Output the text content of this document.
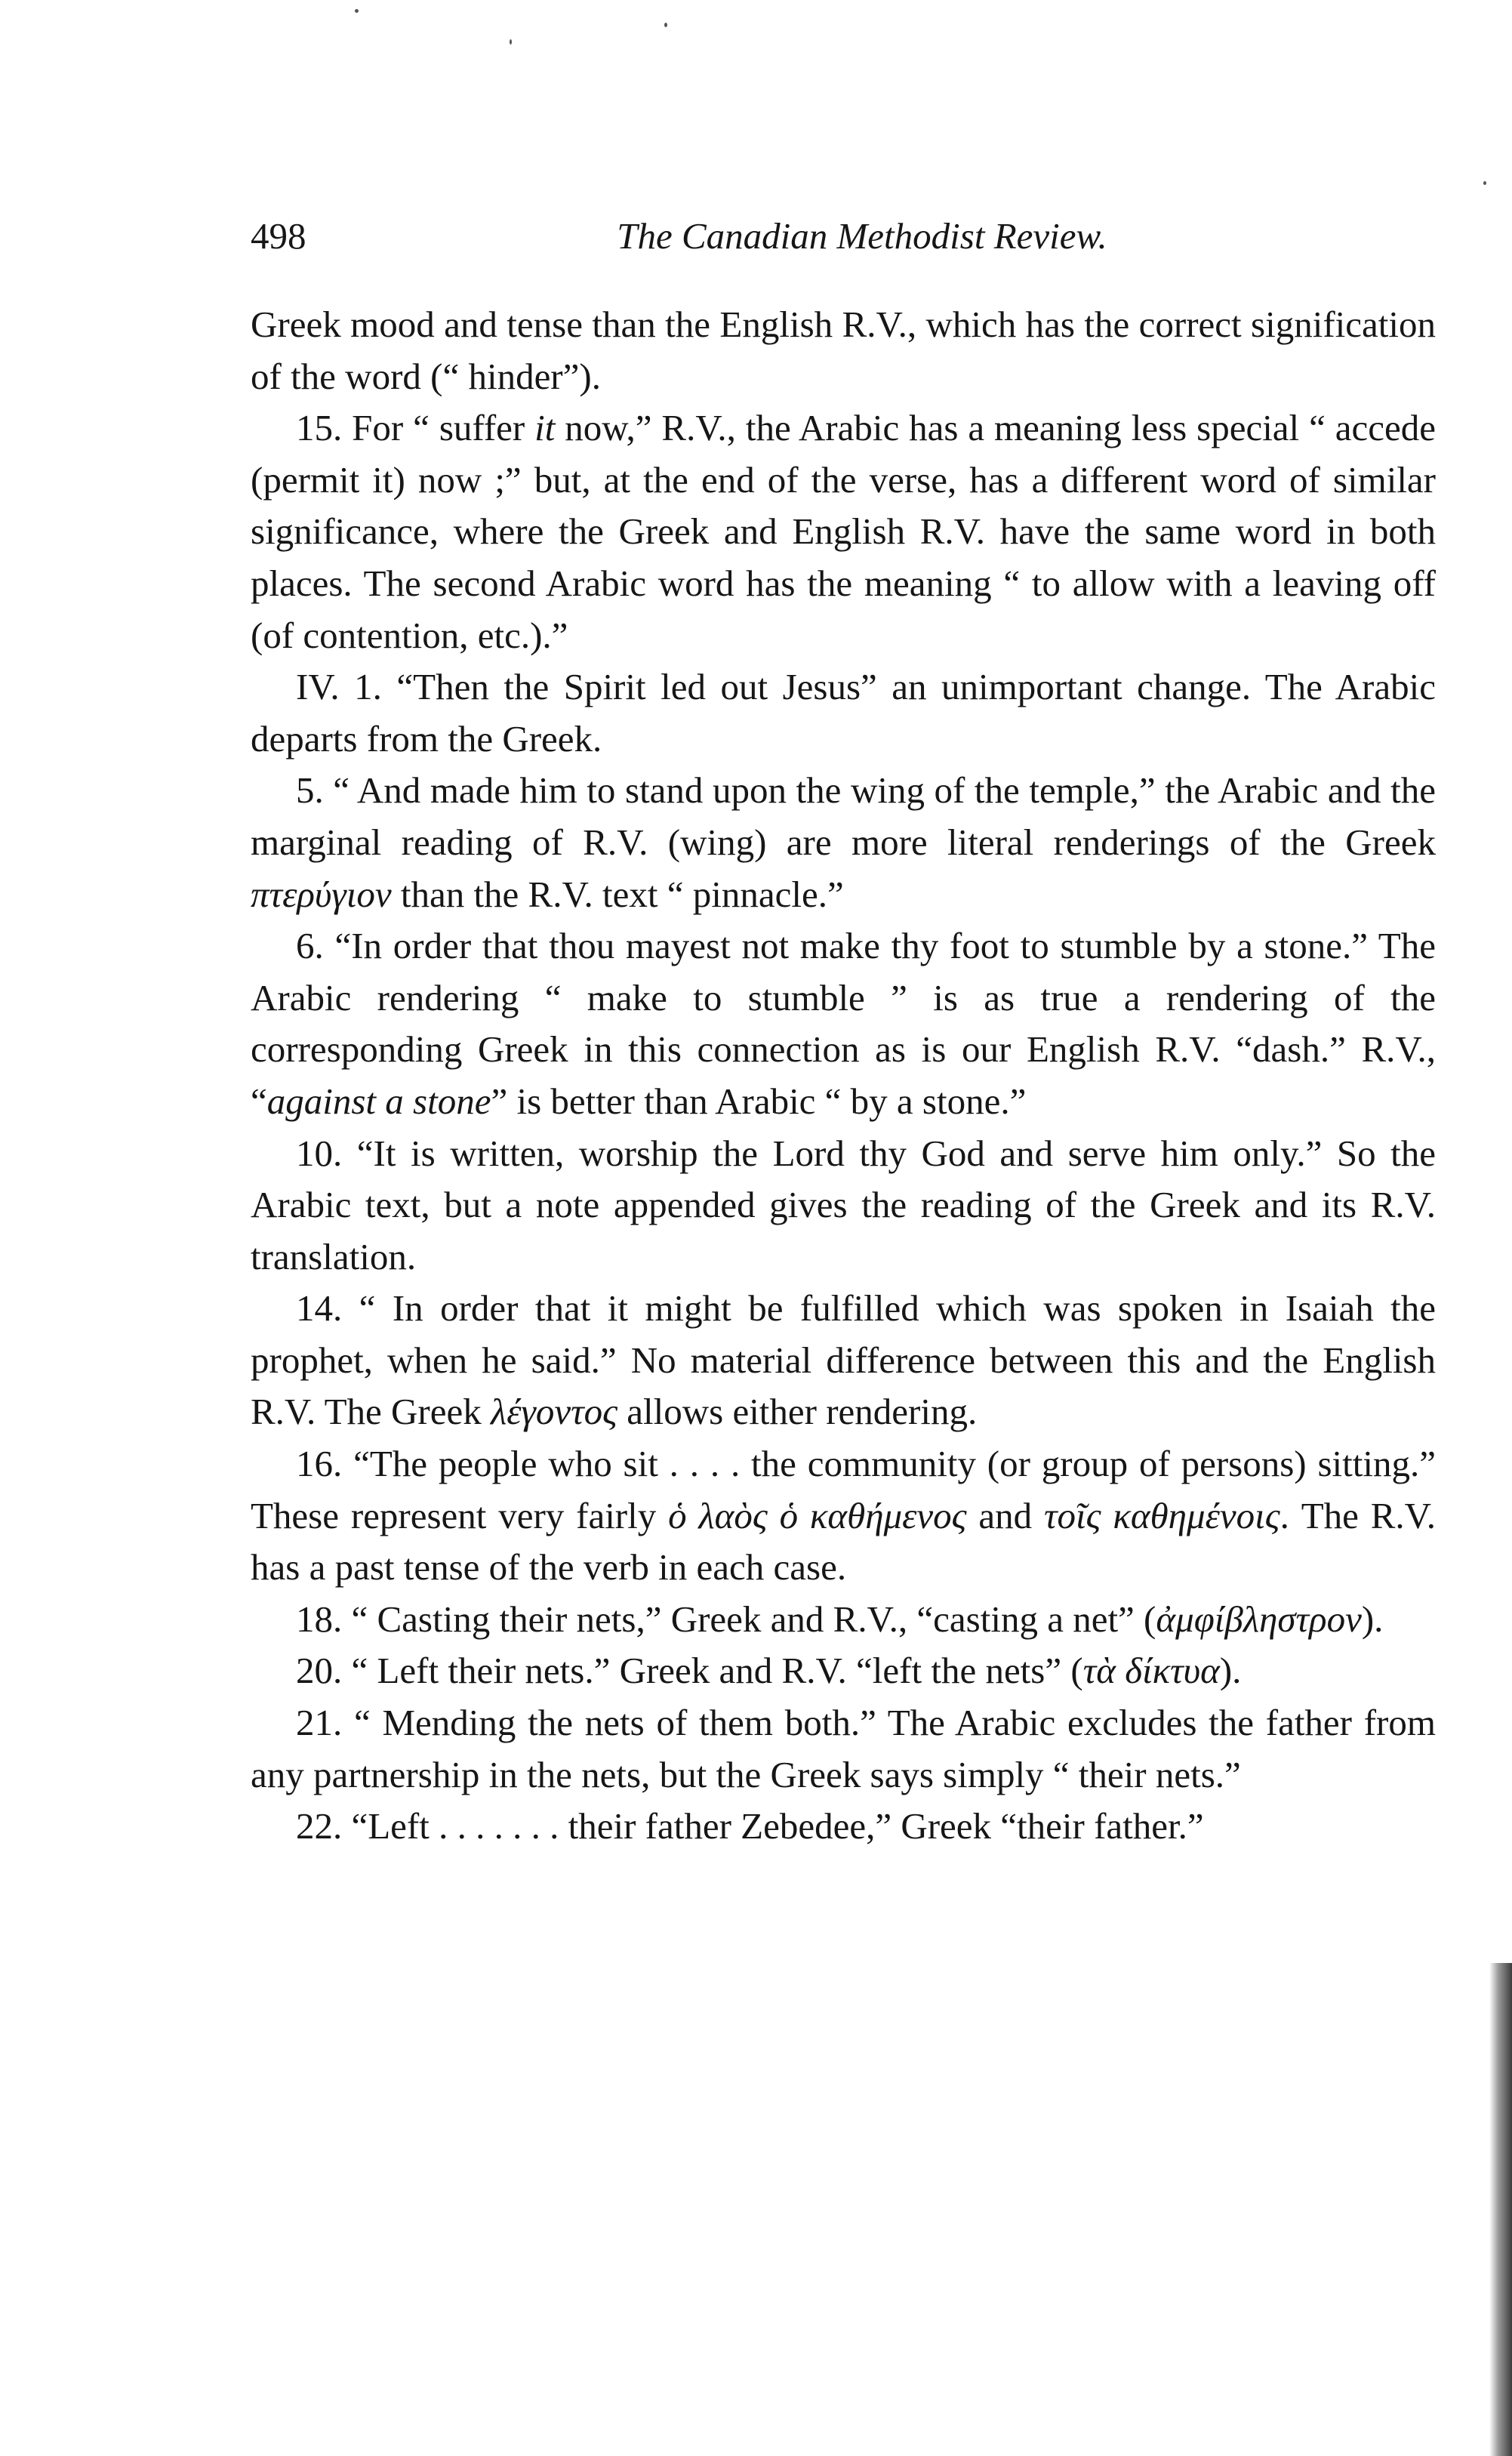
498	The Canadian Methodist Review.

Greek mood and tense than the English R.V., which has the correct signification of the word (“ hinder”).

15. For “ suffer it now,” R.V., the Arabic has a meaning less special “ accede (permit it) now ;” but, at the end of the verse, has a different word of similar significance, where the Greek and English R.V. have the same word in both places. The second Arabic word has the meaning “ to allow with a leaving off (of contention, etc.).”

IV. 1. “Then the Spirit led out Jesus” an unimportant change. The Arabic departs from the Greek.

5. “ And made him to stand upon the wing of the temple,” the Arabic and the marginal reading of R.V. (wing) are more literal renderings of the Greek πτερύγιον than the R.V. text “ pinnacle.”

6. “In order that thou mayest not make thy foot to stumble by a stone.” The Arabic rendering “ make to stumble ” is as true a rendering of the corresponding Greek in this connection as is our English R.V. “dash.” R.V., “against a stone” is better than Arabic “ by a stone.”

10. “It is written, worship the Lord thy God and serve him only.” So the Arabic text, but a note appended gives the reading of the Greek and its R.V. translation.

14. “ In order that it might be fulfilled which was spoken in Isaiah the prophet, when he said.” No material difference between this and the English R.V. The Greek λέγοντος allows either rendering.

16. “The people who sit . . . . the community (or group of persons) sitting.” These represent very fairly ὁ λαὸς ὁ καθήμενος and τοῖς καθημένοις. The R.V. has a past tense of the verb in each case.

18. “ Casting their nets,” Greek and R.V., “casting a net” (ἀμφίβληστρον).

20. “ Left their nets.” Greek and R.V. “left the nets” (τὰ δίκτυα).

21. “ Mending the nets of them both.” The Arabic excludes the father from any partnership in the nets, but the Greek says simply “ their nets.”

22. “Left . . . . . . . their father Zebedee,” Greek “their father.”
